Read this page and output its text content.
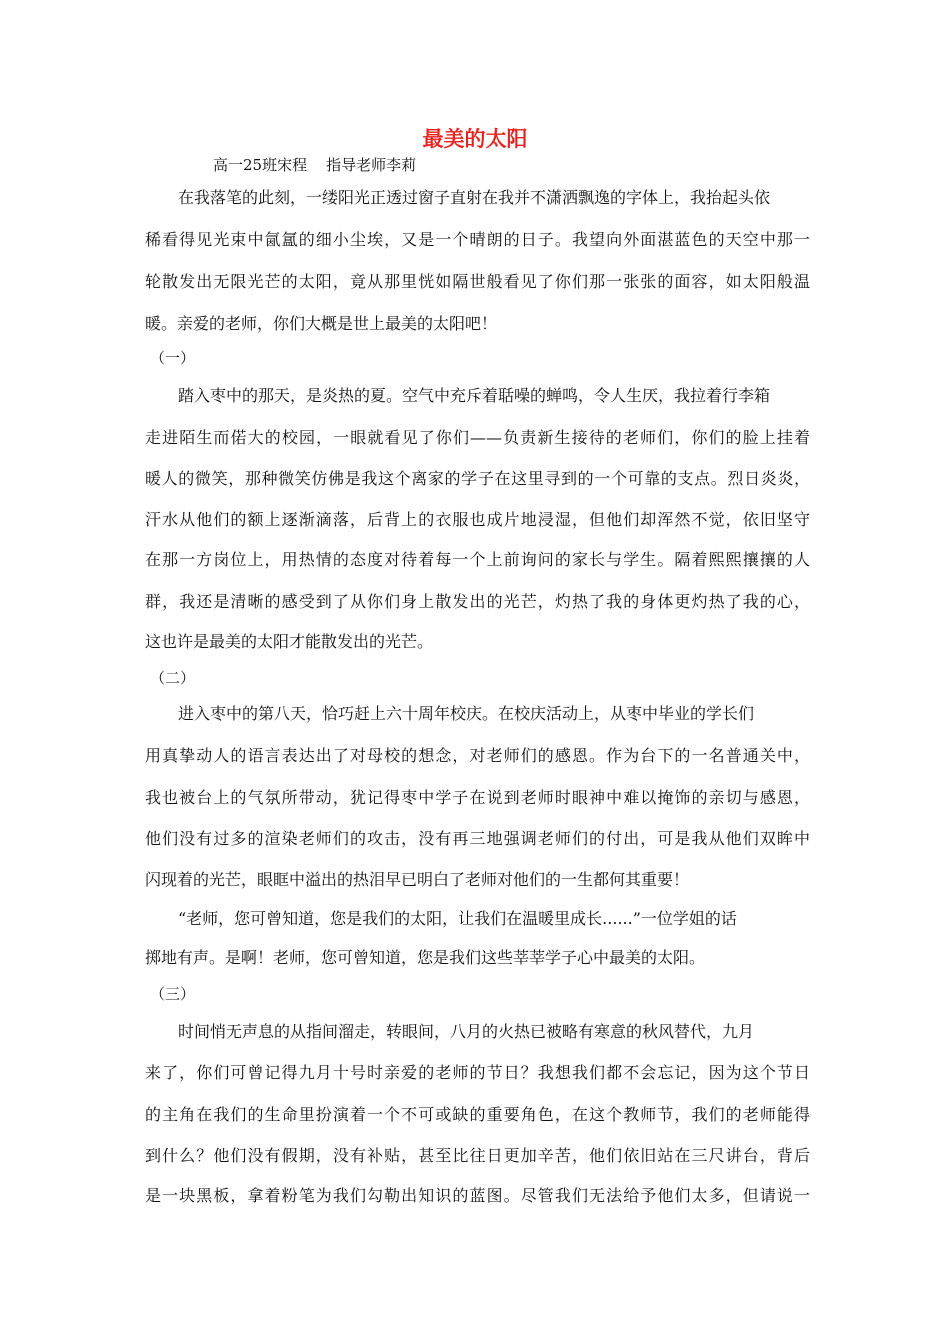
最美的太阳
高一25班宋程    指导老师李莉
在我落笔的此刻，一缕阳光正透过窗子直射在我并不潇洒飘逸的字体上，我抬起头依
稀看得见光束中氤氲的细小尘埃，又是一个晴朗的日子。我望向外面湛蓝色的天空中那一
轮散发出无限光芒的太阳，竟从那里恍如隔世般看见了你们那一张张的面容，如太阳般温
暖。亲爱的老师，你们大概是世上最美的太阳吧！
（一）
踏入枣中的那天，是炎热的夏。空气中充斥着聒噪的蝉鸣，令人生厌，我拉着行李箱
走进陌生而偌大的校园，一眼就看见了你们——负责新生接待的老师们，你们的脸上挂着
暖人的微笑，那种微笑仿佛是我这个离家的学子在这里寻到的一个可靠的支点。烈日炎炎，
汗水从他们的额上逐渐滴落，后背上的衣服也成片地浸湿，但他们却浑然不觉，依旧坚守
在那一方岗位上，用热情的态度对待着每一个上前询问的家长与学生。隔着熙熙攘攘的人
群，我还是清晰的感受到了从你们身上散发出的光芒，灼热了我的身体更灼热了我的心，
这也许是最美的太阳才能散发出的光芒。
（二）
进入枣中的第八天，恰巧赶上六十周年校庆。在校庆活动上，从枣中毕业的学长们
用真挚动人的语言表达出了对母校的想念，对老师们的感恩。作为台下的一名普通关中，
我也被台上的气氛所带动，犹记得枣中学子在说到老师时眼神中难以掩饰的亲切与感恩，
他们没有过多的渲染老师们的攻击，没有再三地强调老师们的付出，可是我从他们双眸中
闪现着的光芒，眼眶中溢出的热泪早已明白了老师对他们的一生都何其重要！
“老师，您可曾知道，您是我们的太阳，让我们在温暖里成长......”一位学姐的话
掷地有声。是啊！老师，您可曾知道，您是我们这些莘莘学子心中最美的太阳。
（三）
时间悄无声息的从指间溜走，转眼间，八月的火热已被略有寒意的秋风替代，九月
来了，你们可曾记得九月十号时亲爱的老师的节日？我想我们都不会忘记，因为这个节日
的主角在我们的生命里扮演着一个不可或缺的重要角色，在这个教师节，我们的老师能得
到什么？他们没有假期，没有补贴，甚至比往日更加辛苦，他们依旧站在三尺讲台，背后
是一块黑板，拿着粉笔为我们勾勒出知识的蓝图。尽管我们无法给予他们太多，但请说一
